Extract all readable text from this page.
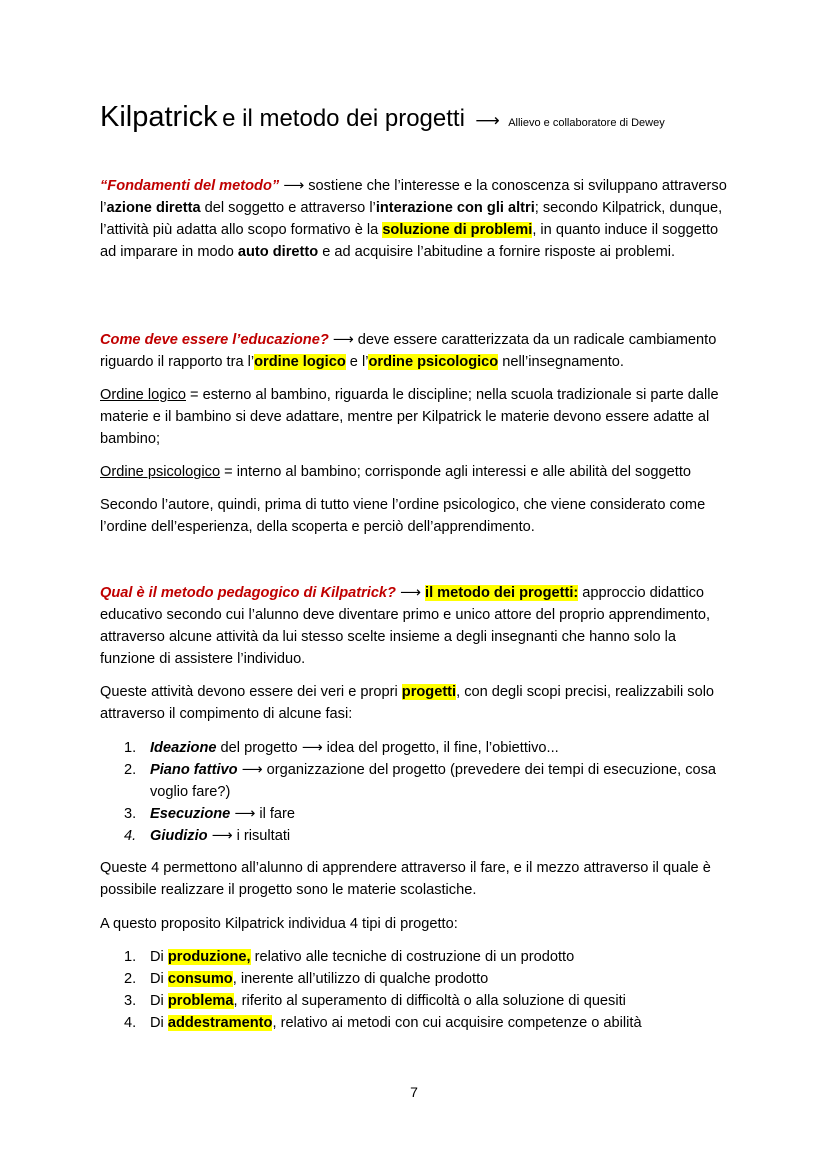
Kilpatrick e il metodo dei progetti ⟶ Allievo e collaboratore di Dewey
“Fondamenti del metodo” ⟶ sostiene che l’interesse e la conoscenza si sviluppano attraverso l’azione diretta del soggetto e attraverso l’interazione con gli altri; secondo Kilpatrick, dunque, l’attività più adatta allo scopo formativo è la soluzione di problemi, in quanto induce il soggetto ad imparare in modo auto diretto e ad acquisire l’abitudine a fornire risposte ai problemi.
Come deve essere l’educazione? ⟶ deve essere caratterizzata da un radicale cambiamento riguardo il rapporto tra l’ordine logico e l’ordine psicologico nell’insegnamento.
Ordine logico = esterno al bambino, riguarda le discipline; nella scuola tradizionale si parte dalle materie e il bambino si deve adattare, mentre per Kilpatrick le materie devono essere adatte al bambino;
Ordine psicologico = interno al bambino; corrisponde agli interessi e alle abilità del soggetto
Secondo l’autore, quindi, prima di tutto viene l’ordine psicologico, che viene considerato come l’ordine dell’esperienza, della scoperta e perciò dell’apprendimento.
Qual è il metodo pedagogico di Kilpatrick? ⟶ il metodo dei progetti: approccio didattico educativo secondo cui l’alunno deve diventare primo e unico attore del proprio apprendimento, attraverso alcune attività da lui stesso scelte insieme a degli insegnanti che hanno solo la funzione di assistere l’individuo.
Queste attività devono essere dei veri e propri progetti, con degli scopi precisi, realizzabili solo attraverso il compimento di alcune fasi:
1. Ideazione del progetto ⟶ idea del progetto, il fine, l’obiettivo...
2. Piano fattivo ⟶ organizzazione del progetto (prevedere dei tempi di esecuzione, cosa voglio fare?)
3. Esecuzione ⟶ il fare
4. Giudizio ⟶ i risultati
Queste 4 permettono all’alunno di apprendere attraverso il fare, e il mezzo attraverso il quale è possibile realizzare il progetto sono le materie scolastiche.
A questo proposito Kilpatrick individua 4 tipi di progetto:
1. Di produzione, relativo alle tecniche di costruzione di un prodotto
2. Di consumo, inerente all’utilizzo di qualche prodotto
3. Di problema, riferito al superamento di difficoltà o alla soluzione di quesiti
4. Di addestramento, relativo ai metodi con cui acquisire competenze o abilità
7
